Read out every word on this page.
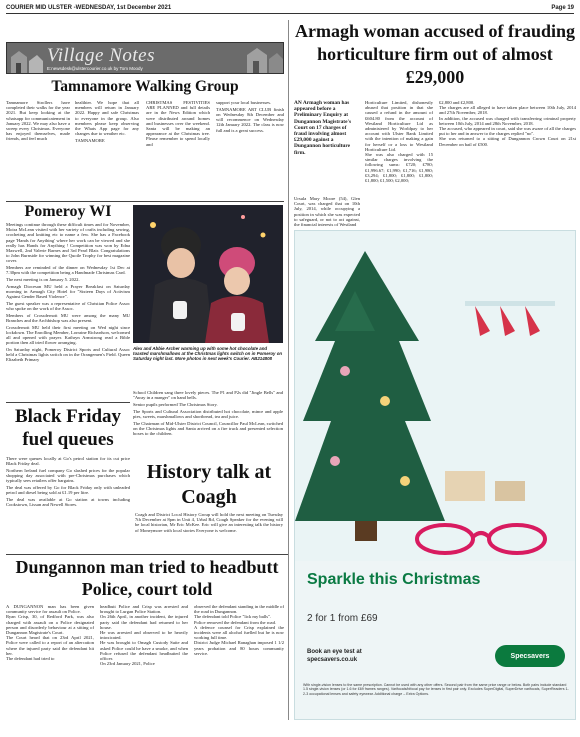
COURIER MID ULSTER -WEDNESDAY, 1st December 2021	Page 19
Village Notes
E:newsdesk@ulstercourier.co.uk by Tom Moody
Tamnamore Walking Group

Tamnamore Strollers have completed their walks for the year 2021. But keep looking at the whatsapp for communicatement in January 2022. We may also have a sweep every Christmas. Everyone has enjoyed themselves, made friends, and feel much

healthier. We hope that all members will return in January 2022. Happy and safe Christmas to everyone in the group. Also members please keep observing the Whats App page for any changes due to weather etc.

TAMNAMORE

CHRISTMAS FESTIVITIES ARE PLANNED and full details are in the News Edition which were distributed around homes and businesses over the weekend. Santa will be making an appearance at the Christmas tree. Please remember to spend locally and

support your local businesses.

TAMNAMORE ART CLUB finish on Wednesday 8th December and will recommence on Wednesday 12th January 2022. The class is now full and is a great success.

Pomeroy WI

Meetings continue through these difficult times and for November, Moira McLean visited with her variety of crafts including sewing, crocheting and knitting etc to name a few. She has a Facebook page 'Hands for Anything' where her work can be viewed and she really has Hands for Anything ! Competition was won by Edna Maxwell, 2nd Valerie Barnes and 3rd Pearl Blair. Congratulations to John Burnside for winning the Quoile Trophy for best magazine cover.

Members are reminded of the dinner on Wednesday 1st Dec at 7.30pm with the competition being a Handmade Christmas Card.

The next meeting is on January 5. 2022.

Armagh Diocesan MU held a Prayer Breakfast on Saturday morning in Armagh City Hotel for "Sixteen Days of Activism Against Gender Based Violence".

The guest speaker was a representative of Christian Police Assoc who spoke on the work of the Assoc.

Members of Crossdernott MU were among the many MU Branches and the Archbishop was also present.

Crossdernott MU held their first meeting on Wed night since lockdown. The Enrolling Member, Lorraine Richardson, welcomed all and opened with prayer. Kathryn Armstrong read a Bible portion then all tried flower arranging.

On Saturday night, Pomeroy District Sports and Cultural Assoc held a Christmas lights switch on in the Orangemen's Field. Queen Elizabeth Primary

Alex and Abbie Archer warming up with some hot chocolate and toasted marshmallows at the Christmas lights switch on in Pomeroy on Saturday night last. More photos in next week's Courier. AB214808

School Children sang three lovely pieces. The P1 and P2s did "Jingle Bells" and "Away in a manger" on hand bells.

Senior pupils performed The Christmas Story.

The Sports and Cultural Association distributed hot chocolate, mince and apple pies, sweets, marshmallows and shortbread, tea and juice.

The Chairman of Mid-Ulster District Council, Councillor Paul McLean, switched on the Christmas lights and Santa arrived on a fire truck and presented selection boxes to the children.

Black Friday fuel queues

There were queues locally at Go's petrol station for its cut price Black Friday deal.

Northern Ireland fuel company Go slashed prices for the popular shopping day associated with pre-Christmas purchases which typically sees retailers offer bargains.

The deal was offered by Go for Black Friday only with unleaded petrol and diesel being sold at £1.19 per litre.

The deal was available at Go station at towns including Cookstown, Lissan and Newell Stores.

History talk at Coagh

Coagh and District Local History Group will hold the next meeting on Tuesday 7th December at 8pm in Unit 4, Urbal Rd, Coagh Speaker for the evening will be local historian, Mr Eric McKee. Eric will give an interesting talk the history of Moneymore with local stories Everyone is welcome.

Armagh woman accused of frauding horticulture firm out of almost £29,000

AN Armagh woman has appeared before a Preliminary Enquiry at Dungannon Magistrate's Court on 17 charges of fraud involving almost £29,000 against a Dungannon horticulture firm.

Ursula Mary Moore (54), Glen Court, was charged that on 10th July, 2014, while occupying a position in which she was expected to safeguard, or not to act against, the financial interests of Westland

Horticulture Limited, dishonestly abused that position in that she caused a refund in the amount of £604.80 from the account of Westland Horticulture Ltd as administered by Worldpay to her account with Ulster Bank Limited with the intention of making a gain for herself or a loss to Westland Horticulture Ltd.
She was also charged with 15 similar charges involving the following sums: £720; £780; £1,996.67; £1,990; £1,716; £1,980; £3,294; £1,800; £1,800; £1,800; £1,800; £1,500; £2,000;

£2,800 and £2,800.
The charges are all alleged to have taken place between 10th July, 2014 and 27th November, 2018.
In addition, the accused was charged with transferring criminal property between 10th July, 2014 and 28th November, 2018.
The accused, who appeared in court, said she was aware of all the charges put to her and in answer to the charges replied "no".
She was returned to a sitting of Dungannon Crown Court on 21st December on bail of £500.

Sparkle this Christmas
2 for 1 from £69
Book an eye test at
specsavers.co.uk	Specsavers
With single-vision lenses to the same prescription. Cannot be used with any other offers. Second pair from the same price range or below. Both pairs include standard 1.5 single-vision lenses (or 1.6 for £69 frames ranges). Varifocals/bifocal pay for lenses in first pair only. Excludes SuperDigital, SuperDrive varifocals, SuperReaders 1-2-3 occupational lenses and safety eyewear. Additional charge – Extra Options.
Dungannon man tried to headbutt Police, court told

A DUNGANNON man has been given community service for assault on Police.
Ryan Crisp, 30, of Redford Park, was also charged with assault on a Police designated person and disorderly behaviour at a sitting of Dungannon Magistrate's Court.
The Court heard that on 23rd April 2021, Police were called to a report of an altercation where the injured party said the defendant hit her.
The defendant had tried to

headbutt Police and Crisp was arrested and brought to Lurgan Police Station.
On 26th April, in another incident, the injured party said the defendant had returned to her house.
He was arrested and observed to be heavily intoxicated.
He was brought to Omagh Custody Suite and asked Police could he have a smoke, and when Police refused the defendant headbutted the officer.
On 23rd January 2021, Police

observed the defendant standing in the middle of the road in Dungannon.
The defendant told Police "lick my balls".
Police removed the defendant from the road.
A defence counsel for Crisp explained the incidents were all alcohol fuelled but he is now working full time.
District Judge Michael Ranaghan imposed 1 1/2 years probation and 80 hours community service.
